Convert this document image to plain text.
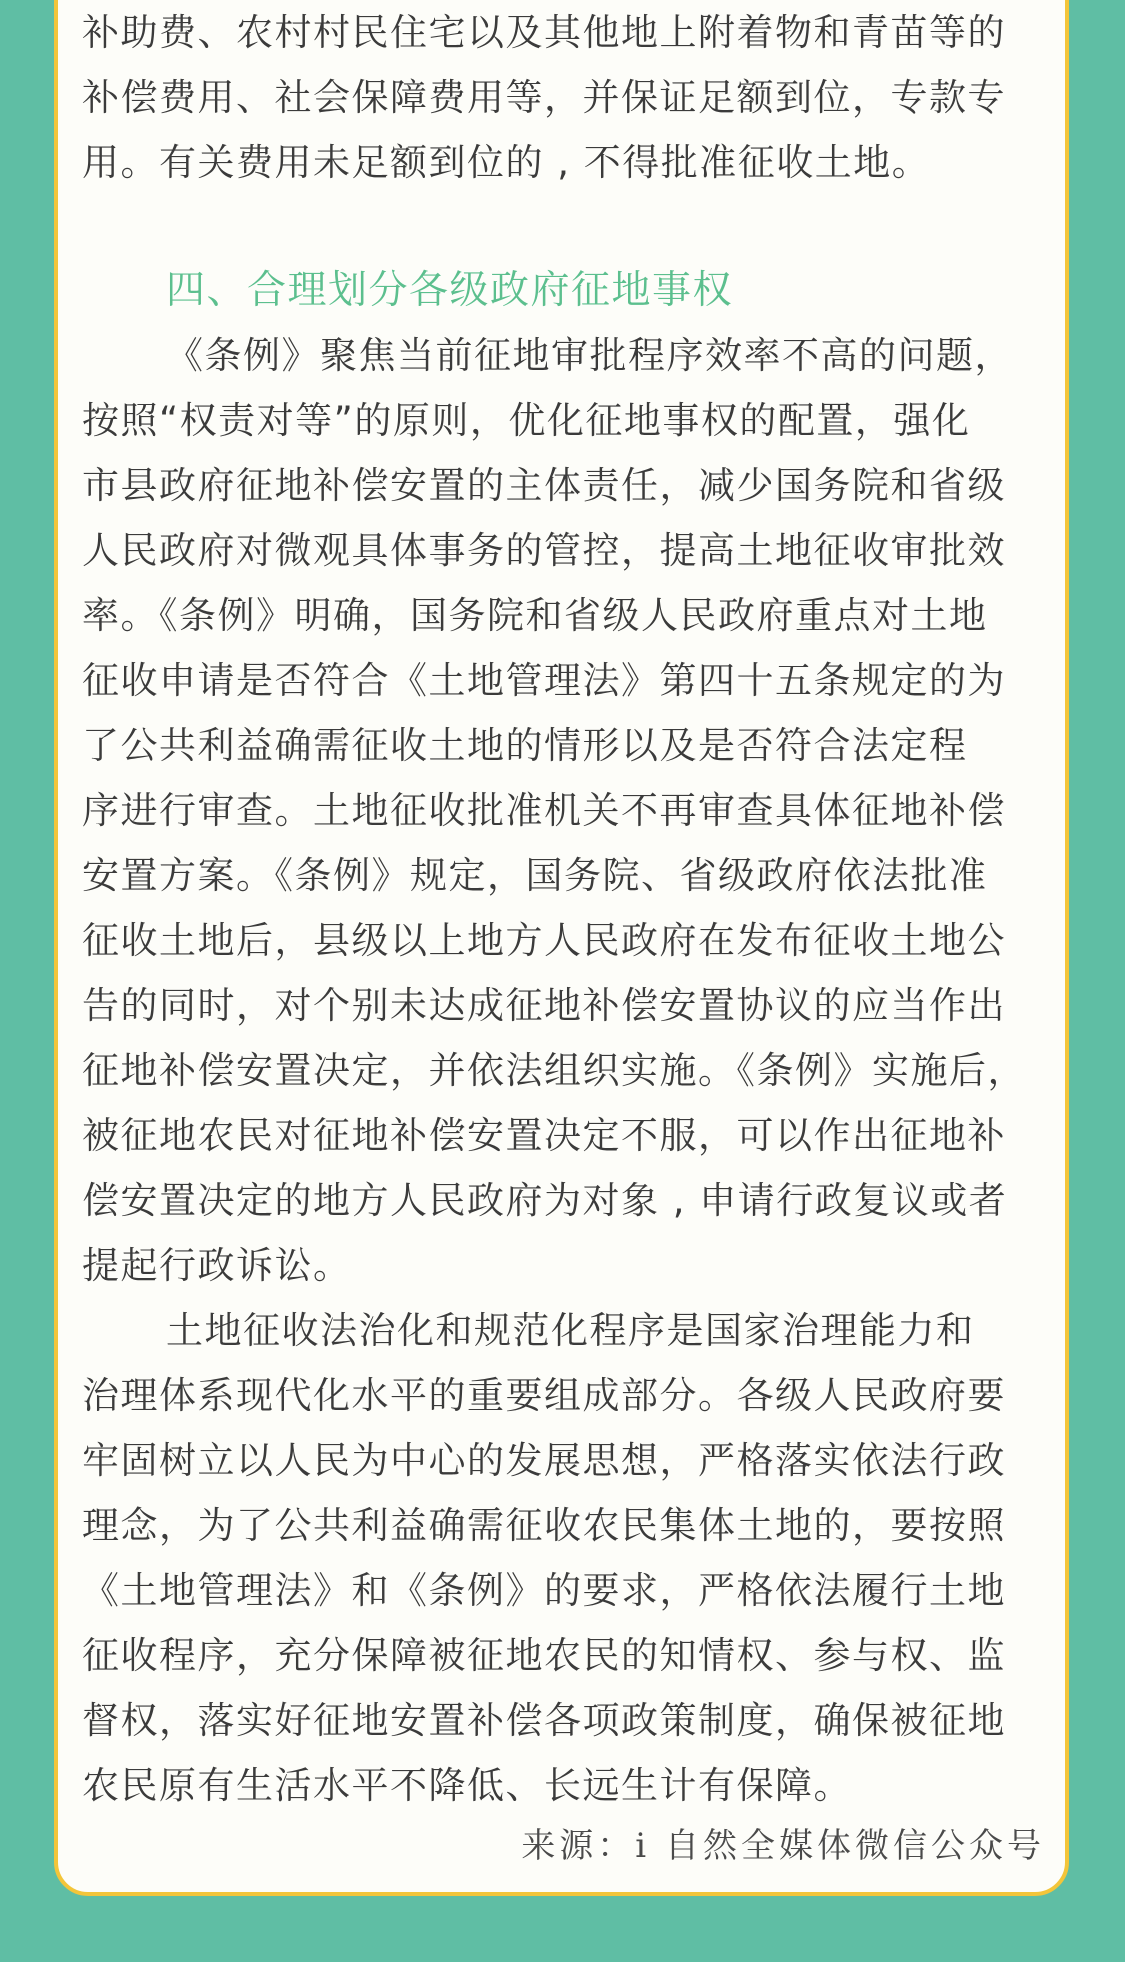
补助费、农村村民住宅以及其他地上附着物和青苗等的
补偿费用、社会保障费用等，并保证足额到位，专款专
用。有关费用未足额到位的 , 不得批准征收土地。
四、合理划分各级政府征地事权
《条例》聚焦当前征地审批程序效率不高的问题，
按照“权责对等”的原则，优化征地事权的配置，强化
市县政府征地补偿安置的主体责任，减少国务院和省级
人民政府对微观具体事务的管控，提高土地征收审批效
率。《条例》明确，国务院和省级人民政府重点对土地
征收申请是否符合《土地管理法》第四十五条规定的为
了公共利益确需征收土地的情形以及是否符合法定程
序进行审查。土地征收批准机关不再审查具体征地补偿
安置方案。《条例》规定，国务院、省级政府依法批准
征收土地后，县级以上地方人民政府在发布征收土地公
告的同时，对个别未达成征地补偿安置协议的应当作出
征地补偿安置决定，并依法组织实施。《条例》实施后，
被征地农民对征地补偿安置决定不服，可以作出征地补
偿安置决定的地方人民政府为对象 , 申请行政复议或者
提起行政诉讼。
土地征收法治化和规范化程序是国家治理能力和
治理体系现代化水平的重要组成部分。各级人民政府要
牢固树立以人民为中心的发展思想，严格落实依法行政
理念，为了公共利益确需征收农民集体土地的，要按照
《土地管理法》和《条例》的要求，严格依法履行土地
征收程序，充分保障被征地农民的知情权、参与权、监
督权，落实好征地安置补偿各项政策制度，确保被征地
农民原有生活水平不降低、长远生计有保障。
来源：i 自然全媒体微信公众号
